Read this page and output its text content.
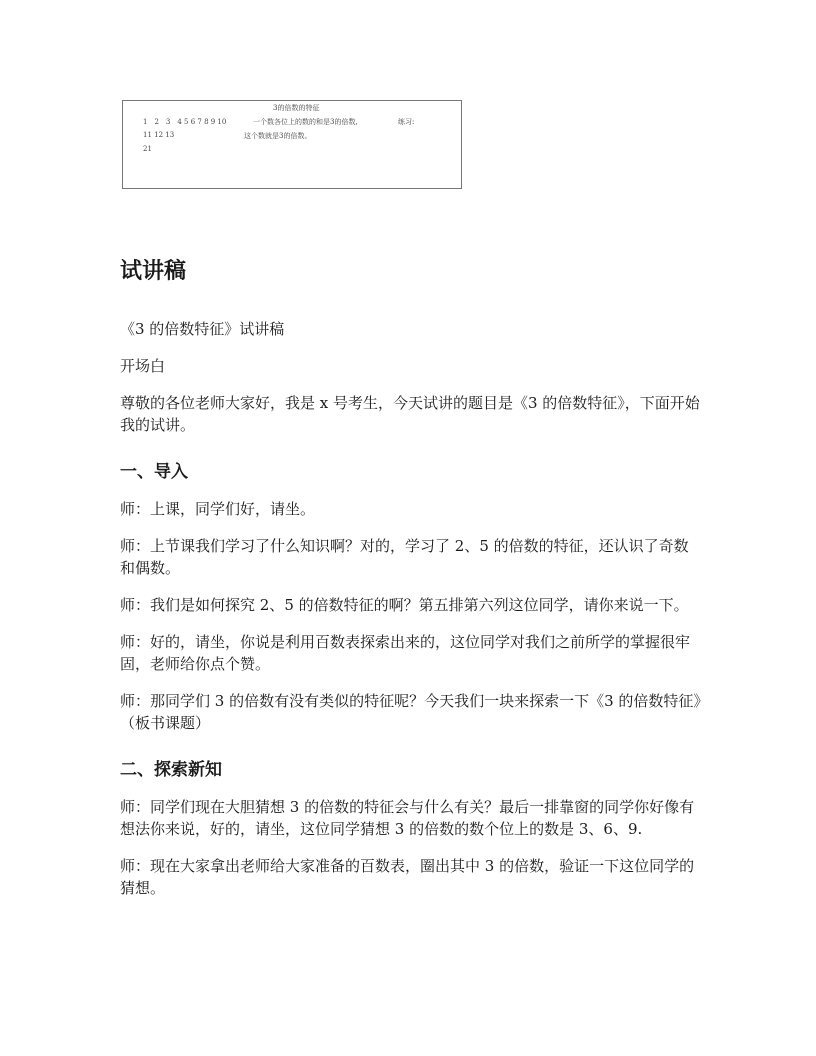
3的倍数的特征
1　2　3　4 5 6 7 8 9 10
11 12 13
21
一个数各位上的数的和是3的倍数,
这个数就是3的倍数。
练习:
试讲稿

《3 的倍数特征》试讲稿

开场白

尊敬的各位老师大家好，我是 x 号考生，今天试讲的题目是《3 的倍数特征》，下面开始我的试讲。

一、导入

师：上课，同学们好，请坐。

师：上节课我们学习了什么知识啊？对的，学习了 2、5 的倍数的特征，还认识了奇数和偶数。

师：我们是如何探究 2、5 的倍数特征的啊？第五排第六列这位同学，请你来说一下。

师：好的，请坐，你说是利用百数表探索出来的，这位同学对我们之前所学的掌握很牢固，老师给你点个赞。

师：那同学们 3 的倍数有没有类似的特征呢？今天我们一块来探索一下《3 的倍数特征》（板书课题）

二、探索新知

师：同学们现在大胆猜想 3 的倍数的特征会与什么有关？最后一排靠窗的同学你好像有想法你来说，好的，请坐，这位同学猜想 3 的倍数的数个位上的数是 3、6、9.

师：现在大家拿出老师给大家准备的百数表，圈出其中 3 的倍数，验证一下这位同学的猜想。
